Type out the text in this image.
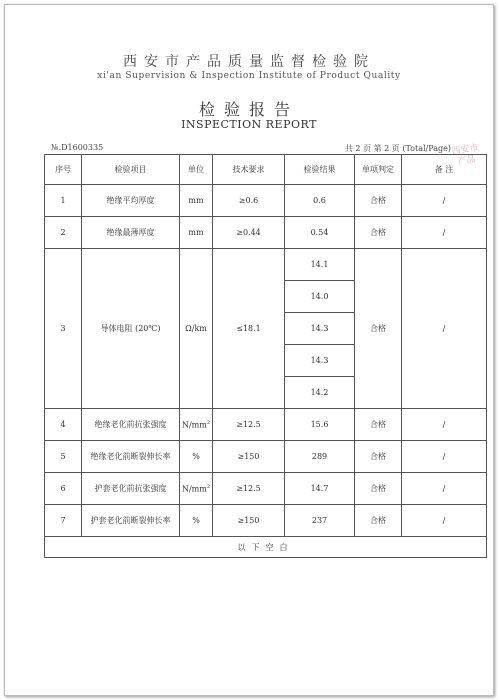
西安市产品质量监督检验院
xi'an Supervision & Inspection Institute of Product Quality
检验报告
INSPECTION REPORT
№.D1600335	共 2 页 第 2 页 (Total/Page) 西安市产品
序号	检验项目	单位	技术要求	检验结果	单项判定	备 注
1	绝缘平均厚度	mm	≥0.6	0.6	合格	/
2	绝缘最薄厚度	mm	≥0.44	0.54	合格	/
3	导体电阻 (20℃)	Ω/km	≤18.1	14.1	合格	/
				14.0		
				14.3		
				14.3		
				14.2		
4	绝缘老化前抗张强度	$N/mm^2$	≥12.5	15.6	合格	/
5	绝缘老化前断裂伸长率	%	≥150	289	合格	/
6	护套老化前抗张强度	$N/mm^2$	≥12.5	14.7	合格	/
7	护套老化前断裂伸长率	%	≥150	237	合格	/
以下空白						
